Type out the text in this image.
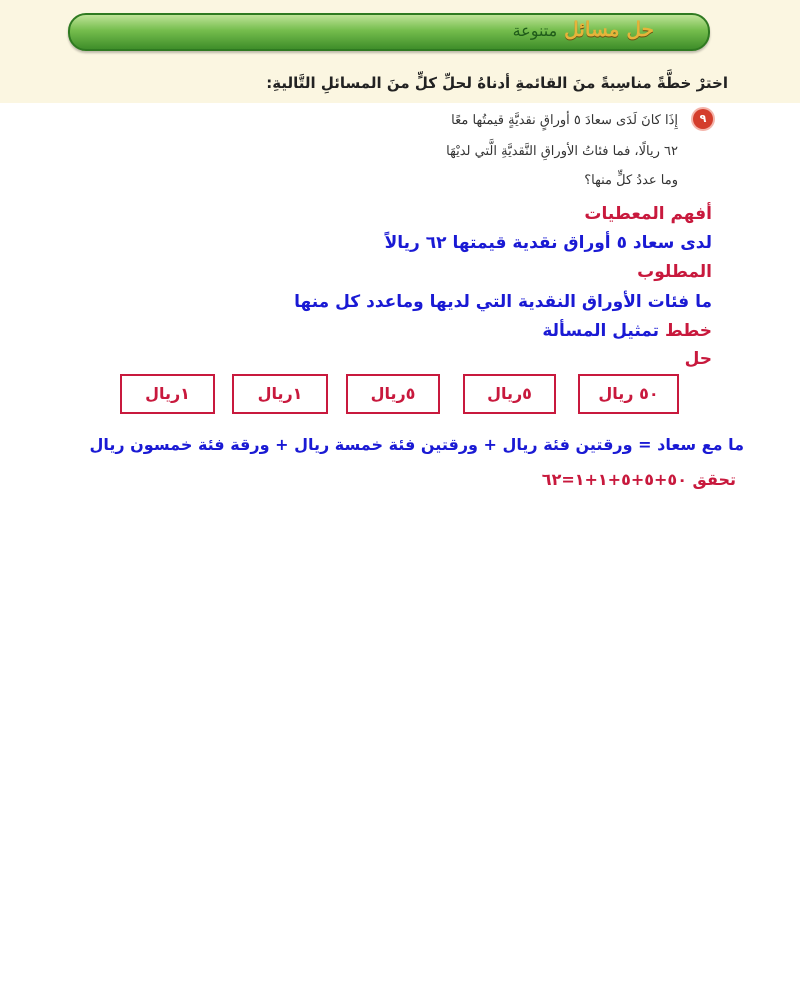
حل مسائل متنوعة
اخترْ خطَّةً مناسِبةً منَ القائمةِ أدناهُ لحلِّ كلٍّ منَ المسائلِ التَّاليةِ:
٩
إِذَا كانَ لَدَى سعادَ ٥ أوراقٍ نقديَّةٍ قيمتُها معًا
٦٢ ريالًا، فما فئاتُ الأوراقِ النَّقديَّةِ الَّتي لديْهَا
وما عددُ كلٍّ منها؟
أفهم المعطيات
لدى سعاد ٥ أوراق نقدية قيمتها ٦٢ ريالاً
المطلوب
ما فئات الأوراق النقدية التي لديها وماعدد كل منها
خطط تمثيل المسألة
حل
٥٠ ريال
٥ريال
٥ريال
١ريال
١ريال
ما مع سعاد = ورقتين فئة ريال + ورقتين فئة خمسة ريال + ورقة فئة خمسون ريال
تحقق ٥٠+٥+٥+١+١=٦٢
